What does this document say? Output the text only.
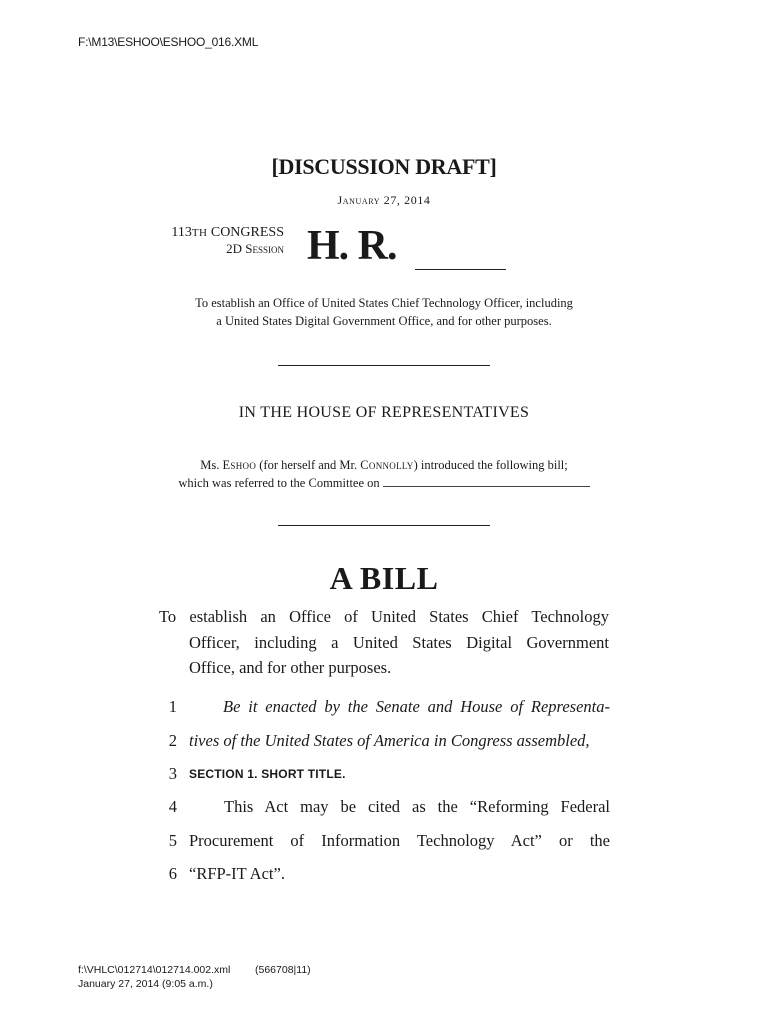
F:\M13\ESHOO\ESHOO_016.XML
[DISCUSSION DRAFT]
January 27, 2014
113TH CONGRESS
2D Session H. R.
To establish an Office of United States Chief Technology Officer, including
a United States Digital Government Office, and for other purposes.
IN THE HOUSE OF REPRESENTATIVES
Ms. Eshoo (for herself and Mr. Connolly) introduced the following bill;
which was referred to the Committee on
A BILL
To establish an Office of United States Chief Technology
Officer, including a United States Digital Government
Office, and for other purposes.
1	Be it enacted by the Senate and House of Representa-
2 tives of the United States of America in Congress assembled,
3 SECTION 1. SHORT TITLE.
4	This Act may be cited as the “Reforming Federal
5 Procurement of Information Technology Act” or the
6 “RFP-IT Act”.
f:\VHLC\012714\012714.002.xml (566708|11)
January 27, 2014 (9:05 a.m.)
